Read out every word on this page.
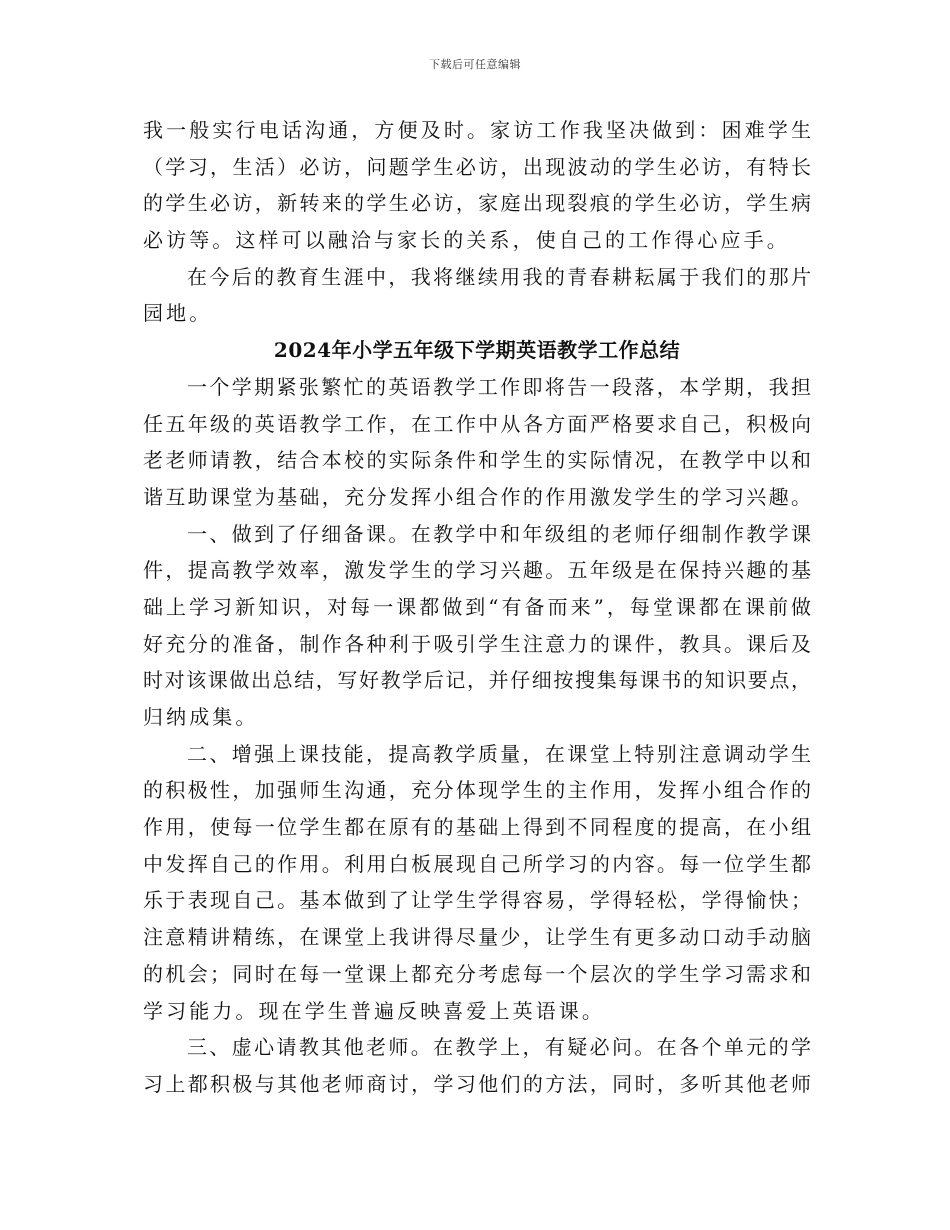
下载后可任意编辑
我一般实行电话沟通，方便及时。家访工作我坚决做到：困难学生
（学习，生活）必访，问题学生必访，出现波动的学生必访，有特长
的学生必访，新转来的学生必访，家庭出现裂痕的学生必访，学生病
必访等。这样可以融洽与家长的关系，使自己的工作得心应手。
在今后的教育生涯中，我将继续用我的青春耕耘属于我们的那片
园地。
2024年小学五年级下学期英语教学工作总结
一个学期紧张繁忙的英语教学工作即将告一段落，本学期，我担
任五年级的英语教学工作，在工作中从各方面严格要求自己，积极向
老老师请教，结合本校的实际条件和学生的实际情况，在教学中以和
谐互助课堂为基础，充分发挥小组合作的作用激发学生的学习兴趣。
一、做到了仔细备课。在教学中和年级组的老师仔细制作教学课
件，提高教学效率，激发学生的学习兴趣。五年级是在保持兴趣的基
础上学习新知识，对每一课都做到“有备而来”，每堂课都在课前做
好充分的准备，制作各种利于吸引学生注意力的课件，教具。课后及
时对该课做出总结，写好教学后记，并仔细按搜集每课书的知识要点，
归纳成集。
二、增强上课技能，提高教学质量，在课堂上特别注意调动学生
的积极性，加强师生沟通，充分体现学生的主作用，发挥小组合作的
作用，使每一位学生都在原有的基础上得到不同程度的提高，在小组
中发挥自己的作用。利用白板展现自己所学习的内容。每一位学生都
乐于表现自己。基本做到了让学生学得容易，学得轻松，学得愉快；
注意精讲精练，在课堂上我讲得尽量少，让学生有更多动口动手动脑
的机会；同时在每一堂课上都充分考虑每一个层次的学生学习需求和
学习能力。现在学生普遍反映喜爱上英语课。
三、虚心请教其他老师。在教学上，有疑必问。在各个单元的学
习上都积极与其他老师商讨，学习他们的方法，同时，多听其他老师
